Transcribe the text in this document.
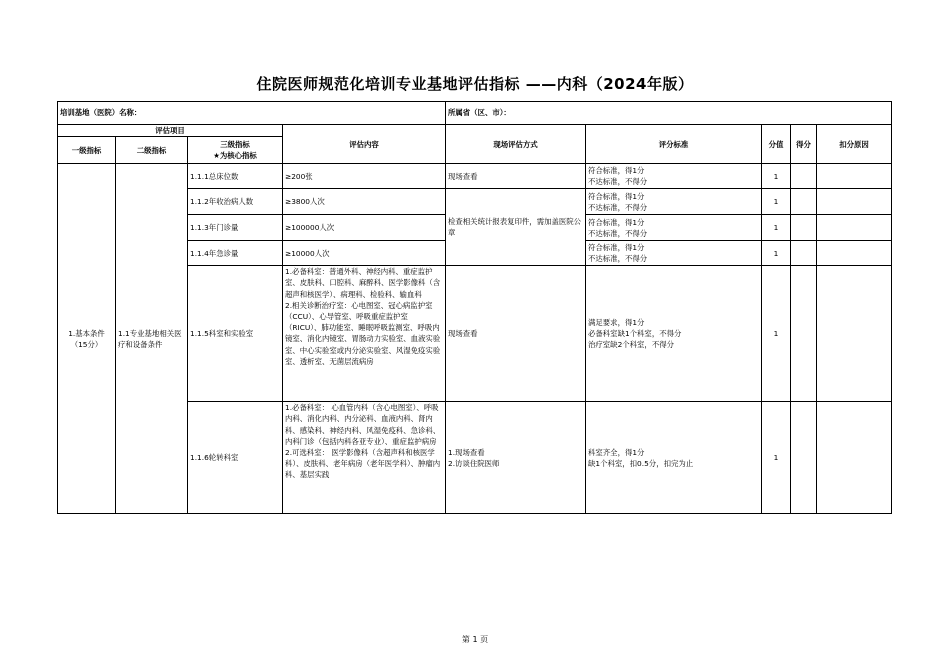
住院医师规范化培训专业基地评估指标 ——内科（2024年版）
培训基地（医院）名称：				所属省（区、市）：				
评估项目			评估内容	现场评估方式	评分标准	分值	得分	扣分原因
一级指标	二级指标	三级指标
★为核心指标						
1.基本条件
（15分）	1.1专业基地相关医疗和设备条件	1.1.1总床位数	≥200张	现场查看	符合标准，得1分
不达标准，不得分	1		
		1.1.2年收治病人数	≥3800人次	检查相关统计报表复印件，需加盖医院公章	符合标准，得1分
不达标准，不得分	1		
		1.1.3年门诊量	≥100000人次		符合标准，得1分
不达标准，不得分	1		
		1.1.4年急诊量	≥10000人次		符合标准，得1分
不达标准，不得分	1		
		1.1.5科室和实验室	1.必备科室：普通外科、神经内科、重症监护室、皮肤科、口腔科、麻醉科、医学影像科（含超声和核医学）、病理科、检验科、输血科
2.相关诊断治疗室：心电图室、冠心病监护室（CCU）、心导管室、呼吸重症监护室（RICU）、肺功能室、睡眠呼吸监测室、呼吸内镜室、消化内镜室、胃肠动力实验室、血液实验室、中心实验室或内分泌实验室、风湿免疫实验室、透析室、无菌层流病房	现场查看	满足要求，得1分
必备科室缺1个科室，不得分
治疗室缺2个科室，不得分	1		
		1.1.6轮转科室	1.必备科室： 心血管内科（含心电图室）、呼吸内科、消化内科、内分泌科、血液内科、肾内科、感染科、神经内科、风湿免疫科、急诊科、内科门诊（包括内科各亚专业）、重症监护病房
2.可选科室： 医学影像科（含超声科和核医学科）、皮肤科、老年病房（老年医学科）、肿瘤内科、基层实践	1.现场查看
2.访谈住院医师	科室齐全，得1分
缺1个科室，扣0.5分，扣完为止	1		
第 1 页
